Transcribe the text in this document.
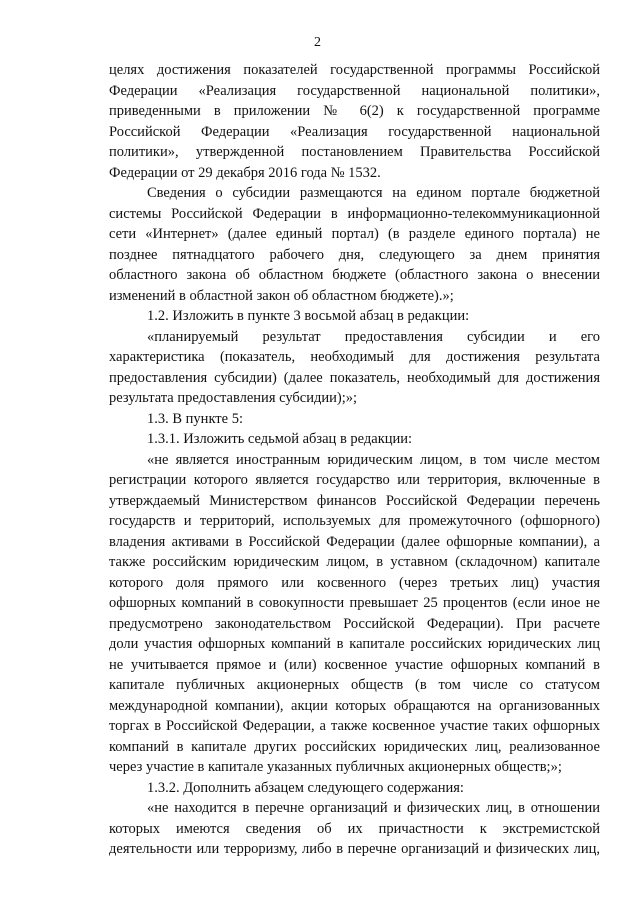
2
целях достижения показателей государственной программы Российской
Федерации «Реализация государственной национальной политики»,
приведенными в приложении № 6(2) к государственной программе
Российской Федерации «Реализация государственной национальной
политики», утвержденной постановлением Правительства Российской
Федерации от 29 декабря 2016 года № 1532.
Сведения о субсидии размещаются на едином портале бюджетной
системы Российской Федерации в информационно-телекоммуникационной
сети «Интернет» (далее единый портал) (в разделе единого портала) не
позднее пятнадцатого рабочего дня, следующего за днем принятия
областного закона об областном бюджете (областного закона о внесении
изменений в областной закон об областном бюджете).»;
1.2. Изложить в пункте 3 восьмой абзац в редакции:
«планируемый результат предоставления субсидии и его
характеристика (показатель, необходимый для достижения результата
предоставления субсидии) (далее показатель, необходимый для достижения
результата предоставления субсидии);»;
1.3. В пункте 5:
1.3.1. Изложить седьмой абзац в редакции:
«не является иностранным юридическим лицом, в том числе местом
регистрации которого является государство или территория, включенные в
утверждаемый Министерством финансов Российской Федерации перечень
государств и территорий, используемых для промежуточного (офшорного)
владения активами в Российской Федерации (далее офшорные компании), а
также российским юридическим лицом, в уставном (складочном) капитале
которого доля прямого или косвенного (через третьих лиц) участия
офшорных компаний в совокупности превышает 25 процентов (если иное не
предусмотрено законодательством Российской Федерации). При расчете
доли участия офшорных компаний в капитале российских юридических лиц
не учитывается прямое и (или) косвенное участие офшорных компаний в
капитале публичных акционерных обществ (в том числе со статусом
международной компании), акции которых обращаются на организованных
торгах в Российской Федерации, а также косвенное участие таких офшорных
компаний в капитале других российских юридических лиц, реализованное
через участие в капитале указанных публичных акционерных обществ;»;
1.3.2. Дополнить абзацем следующего содержания:
«не находится в перечне организаций и физических лиц, в отношении
которых имеются сведения об их причастности к экстремистской
деятельности или терроризму, либо в перечне организаций и физических лиц,
